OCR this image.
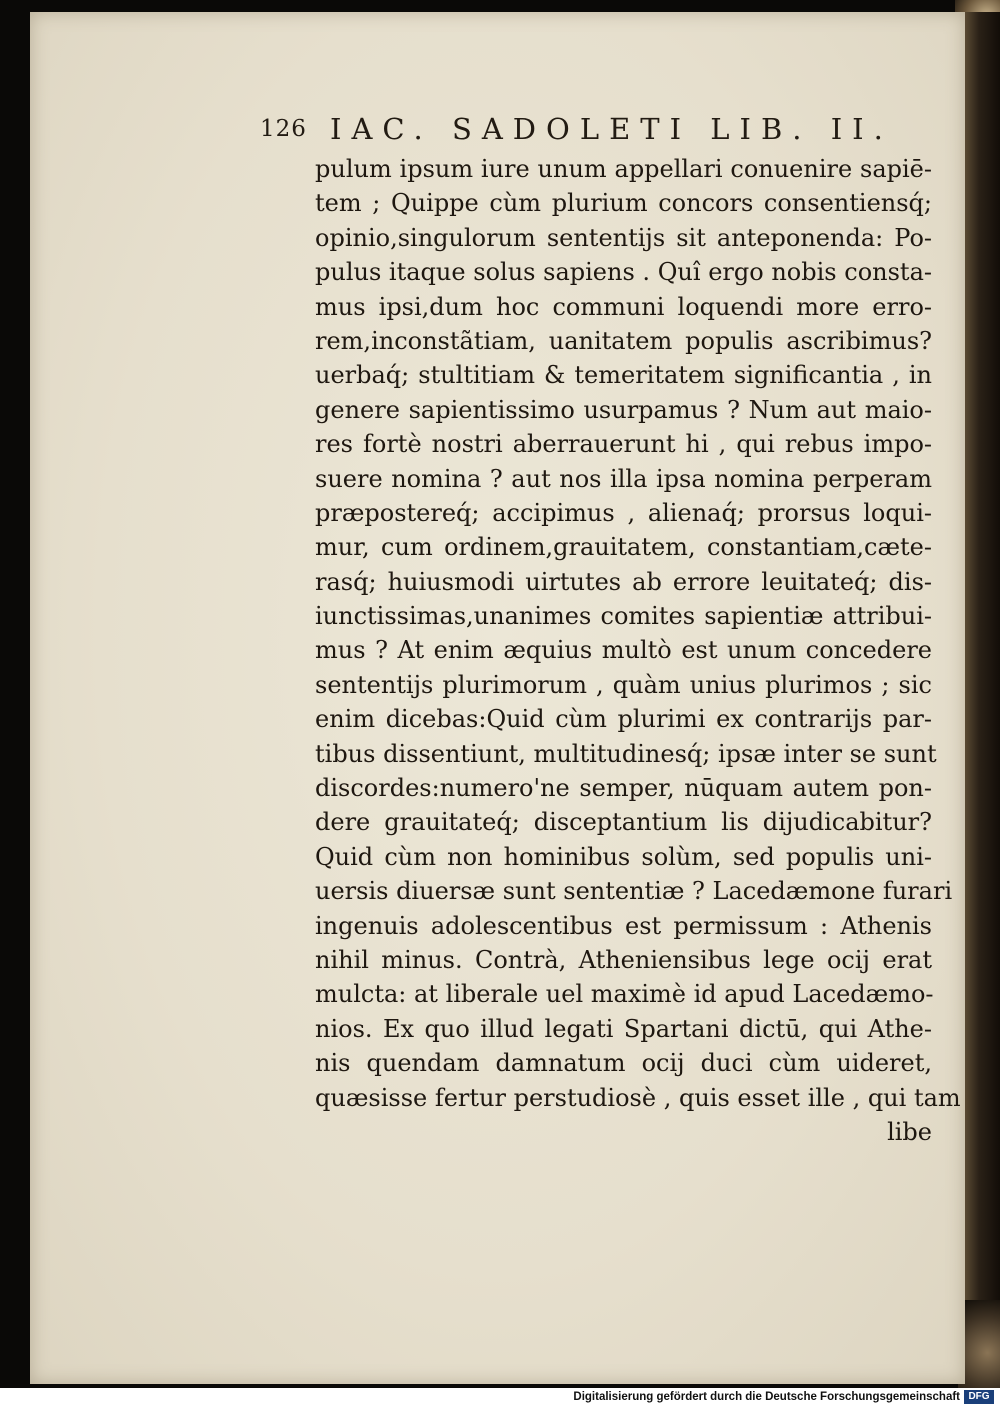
126 IAC. SADOLETI LIB. II.
pulum ipsum iure unum appellari conuenire sapiē-
tem ; Quippe cùm plurium concors consentiensq́;
opinio,singulorum sententijs sit anteponenda: Po-
pulus itaque solus sapiens . Quî ergo nobis consta-
mus ipsi,dum hoc communi loquendi more erro-
rem,inconstãtiam, uanitatem populis ascribimus?
uerbaq́; stultitiam & temeritatem significantia , in
genere sapientissimo usurpamus ? Num aut maio-
res fortè nostri aberrauerunt hi , qui rebus impo-
suere nomina ? aut nos illa ipsa nomina perperam
præpostereq́; accipimus , alienaq́; prorsus loqui-
mur, cum ordinem,grauitatem, constantiam,cæte-
rasq́; huiusmodi uirtutes ab errore leuitateq́; dis-
iunctissimas,unanimes comites sapientiæ attribui-
mus ? At enim æquius multò est unum concedere
sententijs plurimorum , quàm unius plurimos ; sic
enim dicebas:Quid cùm plurimi ex contrarijs par-
tibus dissentiunt, multitudinesq́; ipsæ inter se sunt
discordes:numero'ne semper, nūquam autem pon-
dere grauitateq́; disceptantium lis dijudicabitur?
Quid cùm non hominibus solùm, sed populis uni-
uersis diuersæ sunt sententiæ ? Lacedæmone furari
ingenuis adolescentibus est permissum : Athenis
nihil minus. Contrà, Atheniensibus lege ocij erat
mulcta: at liberale uel maximè id apud Lacedæmo-
nios. Ex quo illud legati Spartani dictū, qui Athe-
nis quendam damnatum ocij duci cùm uideret,
quæsisse fertur perstudiosè , quis esset ille , qui tam
libe
Digitalisierung gefördert durch die Deutsche Forschungsgemeinschaft DFG
